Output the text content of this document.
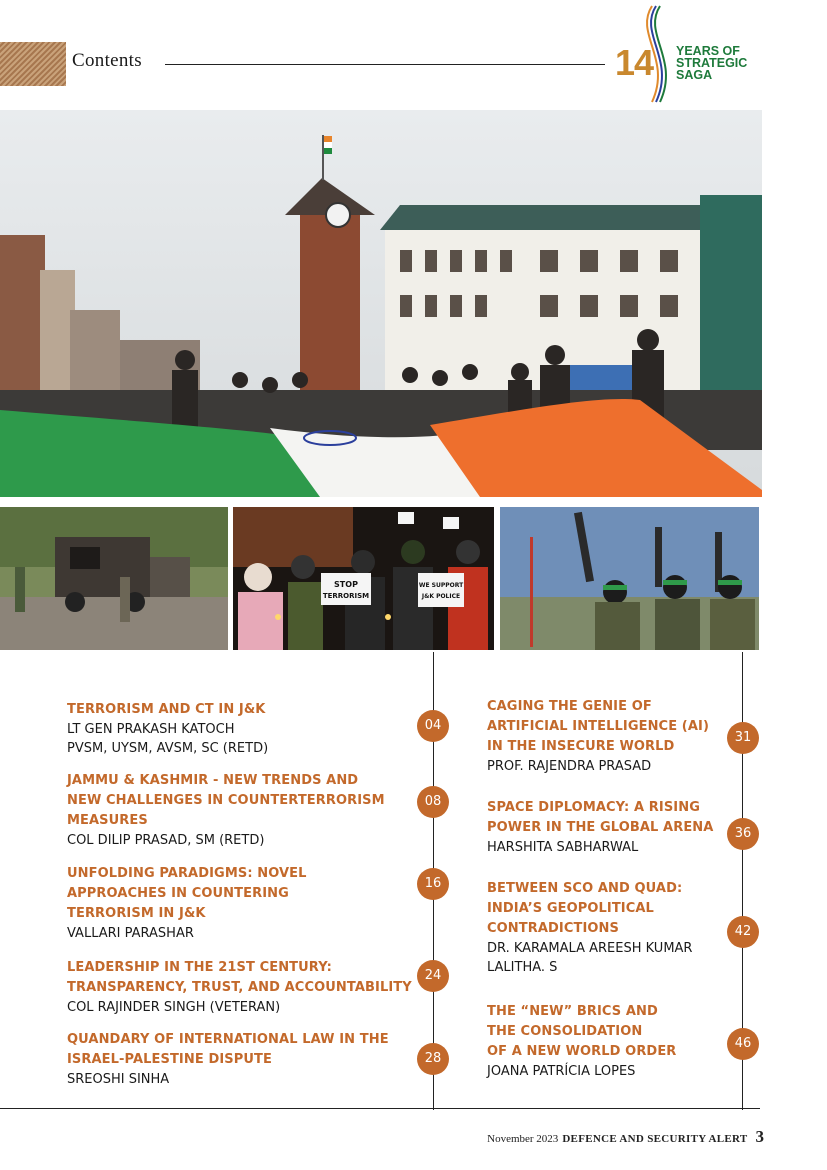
Contents	14 YEARS OF
STRATEGIC
SAGA
STOP
TERRORISM
WE SUPPORT
J&K POLICE
TERRORISM AND CT IN J&K
LT GEN PRAKASH KATOCH
PVSM, UYSM, AVSM, SC (RETD)
04
JAMMU & KASHMIR - NEW TRENDS AND
NEW CHALLENGES IN COUNTERTERRORISM
MEASURES
COL DILIP PRASAD, SM (RETD)
08
UNFOLDING PARADIGMS: NOVEL
APPROACHES IN COUNTERING
TERRORISM IN J&K
VALLARI PARASHAR
16
LEADERSHIP IN THE 21ST CENTURY:
TRANSPARENCY, TRUST, AND ACCOUNTABILITY
COL RAJINDER SINGH (VETERAN)
24
QUANDARY OF INTERNATIONAL LAW IN THE
ISRAEL-PALESTINE DISPUTE
SREOSHI SINHA
28
CAGING THE GENIE OF
ARTIFICIAL INTELLIGENCE (AI)
IN THE INSECURE WORLD
PROF. RAJENDRA PRASAD
31
SPACE DIPLOMACY: A RISING
POWER IN THE GLOBAL ARENA
HARSHITA SABHARWAL
36
BETWEEN SCO AND QUAD:
INDIA’S GEOPOLITICAL
CONTRADICTIONS
DR. KARAMALA AREESH KUMAR
LALITHA. S
42
THE “NEW” BRICS AND
THE CONSOLIDATION
OF A NEW WORLD ORDER
JOANA PATRÍCIA LOPES
46
November 2023 DEFENCE AND SECURITY ALERT 3
